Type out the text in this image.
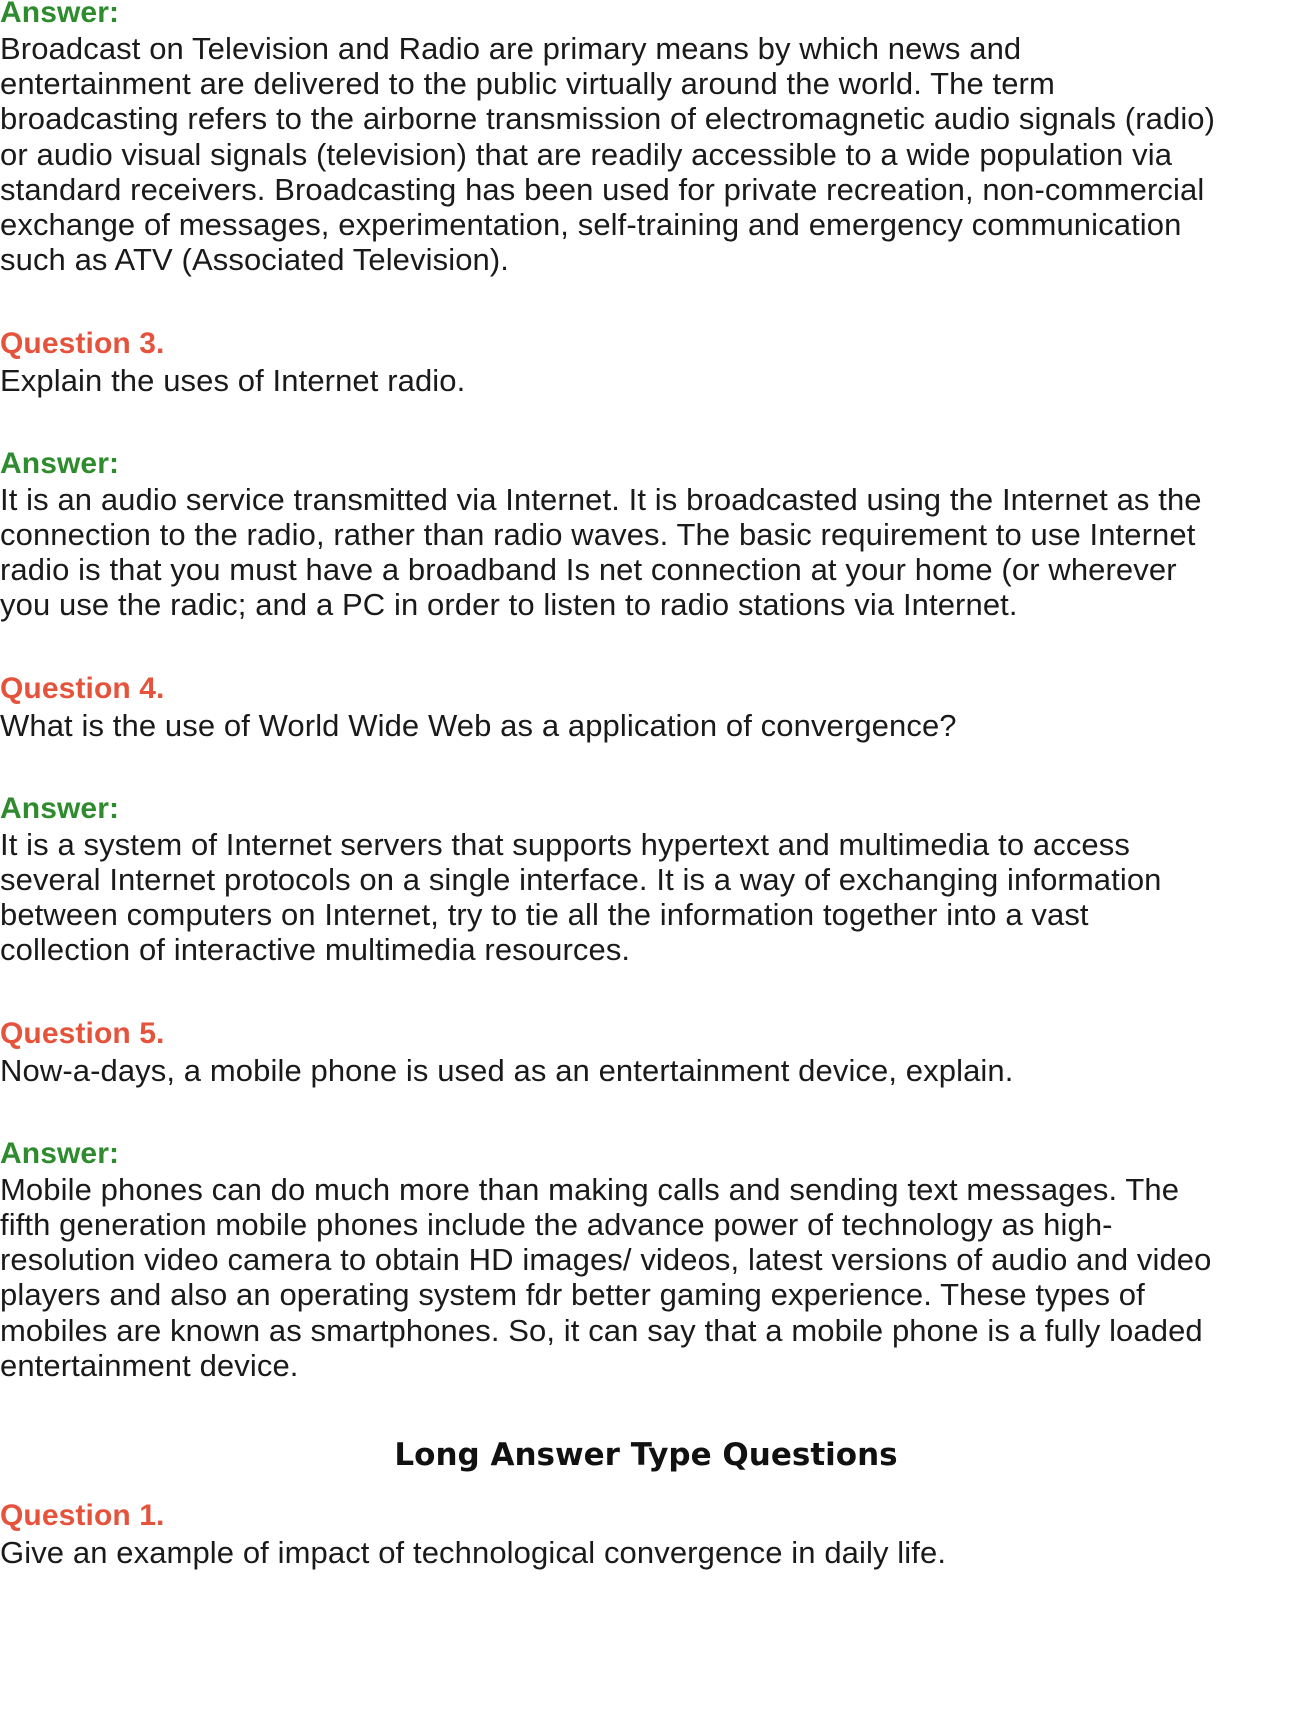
Answer:
Broadcast on Television and Radio are primary means by which news and
entertainment are delivered to the public virtually around the world. The term
broadcasting refers to the airborne transmission of electromagnetic audio signals (radio)
or audio visual signals (television) that are readily accessible to a wide population via
standard receivers. Broadcasting has been used for private recreation, non-commercial
exchange of messages, experimentation, self-training and emergency communication
such as ATV (Associated Television).
Question 3.
Explain the uses of Internet radio.
Answer:
It is an audio service transmitted via Internet. It is broadcasted using the Internet as the
connection to the radio, rather than radio waves. The basic requirement to use Internet
radio is that you must have a broadband Is net connection at your home (or wherever
you use the radic; and a PC in order to listen to radio stations via Internet.
Question 4.
What is the use of World Wide Web as a application of convergence?
Answer:
It is a system of Internet servers that supports hypertext and multimedia to access
several Internet protocols on a single interface. It is a way of exchanging information
between computers on Internet, try to tie all the information together into a vast
collection of interactive multimedia resources.
Question 5.
Now-a-days, a mobile phone is used as an entertainment device, explain.
Answer:
Mobile phones can do much more than making calls and sending text messages. The
fifth generation mobile phones include the advance power of technology as high-
resolution video camera to obtain HD images/ videos, latest versions of audio and video
players and also an operating system fdr better gaming experience. These types of
mobiles are known as smartphones. So, it can say that a mobile phone is a fully loaded
entertainment device.
Long Answer Type Questions
Question 1.
Give an example of impact of technological convergence in daily life.
